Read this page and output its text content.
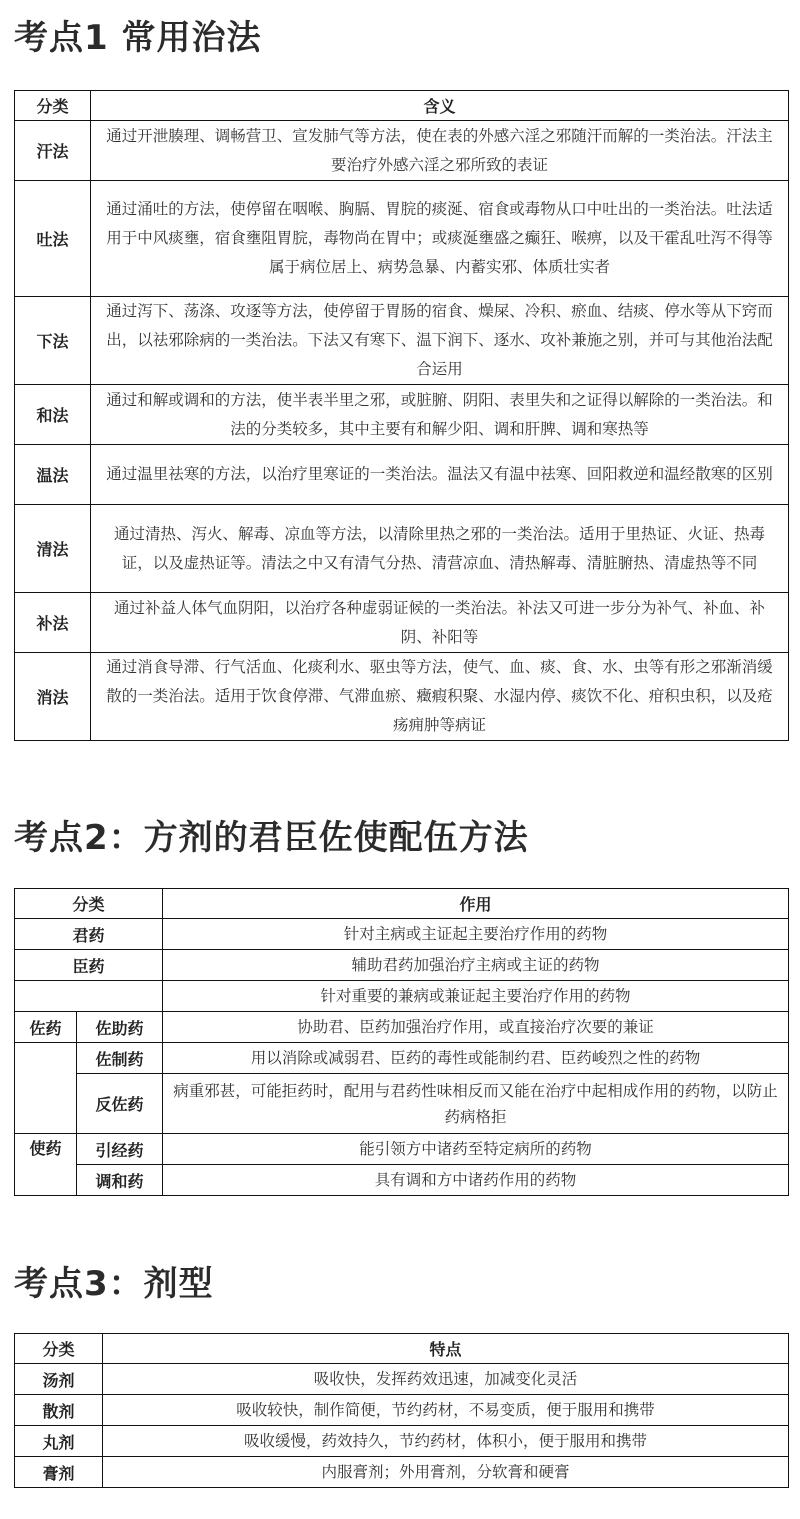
考点1 常用治法
分类	含义
汗法	通过开泄腠理、调畅营卫、宣发肺气等方法，使在表的外感六淫之邪随汗而解的一类治法。汗法主要治疗外感六淫之邪所致的表证
吐法	通过涌吐的方法，使停留在咽喉、胸膈、胃脘的痰涎、宿食或毒物从口中吐出的一类治法。吐法适用于中风痰壅，宿食壅阻胃脘，毒物尚在胃中；或痰涎壅盛之癫狂、喉痹，以及干霍乱吐泻不得等属于病位居上、病势急暴、内蓄实邪、体质壮实者
下法	通过泻下、荡涤、攻逐等方法，使停留于胃肠的宿食、燥屎、冷积、瘀血、结痰、停水等从下窍而出，以祛邪除病的一类治法。下法又有寒下、温下润下、逐水、攻补兼施之别，并可与其他治法配合运用
和法	通过和解或调和的方法，使半表半里之邪，或脏腑、阴阳、表里失和之证得以解除的一类治法。和法的分类较多，其中主要有和解少阳、调和肝脾、调和寒热等
温法	通过温里祛寒的方法，以治疗里寒证的一类治法。温法又有温中祛寒、回阳救逆和温经散寒的区别
清法	通过清热、泻火、解毒、凉血等方法，以清除里热之邪的一类治法。适用于里热证、火证、热毒证，以及虚热证等。清法之中又有清气分热、清营凉血、清热解毒、清脏腑热、清虚热等不同
补法	通过补益人体气血阴阳，以治疗各种虚弱证候的一类治法。补法又可进一步分为补气、补血、补阴、补阳等
消法	通过消食导滞、行气活血、化痰利水、驱虫等方法，使气、血、痰、食、水、虫等有形之邪渐消缓散的一类治法。适用于饮食停滞、气滞血瘀、癥瘕积聚、水湿内停、痰饮不化、疳积虫积，以及疮疡痈肿等病证
考点2：方剂的君臣佐使配伍方法
分类		作用
君药		针对主病或主证起主要治疗作用的药物
臣药		辅助君药加强治疗主病或主证的药物
		针对重要的兼病或兼证起主要治疗作用的药物
佐药	佐助药	协助君、臣药加强治疗作用，或直接治疗次要的兼证
	佐制药	用以消除或减弱君、臣药的毒性或能制约君、臣药峻烈之性的药物
	反佐药	病重邪甚，可能拒药时，配用与君药性味相反而又能在治疗中起相成作用的药物，以防止药病格拒
使药	引经药	能引领方中诸药至特定病所的药物
	调和药	具有调和方中诸药作用的药物
考点3：剂型
分类	特点
汤剂	吸收快，发挥药效迅速，加减变化灵活
散剂	吸收较快，制作简便，节约药材，不易变质，便于服用和携带
丸剂	吸收缓慢，药效持久，节约药材，体积小，便于服用和携带
膏剂	内服膏剂；外用膏剂，分软膏和硬膏
